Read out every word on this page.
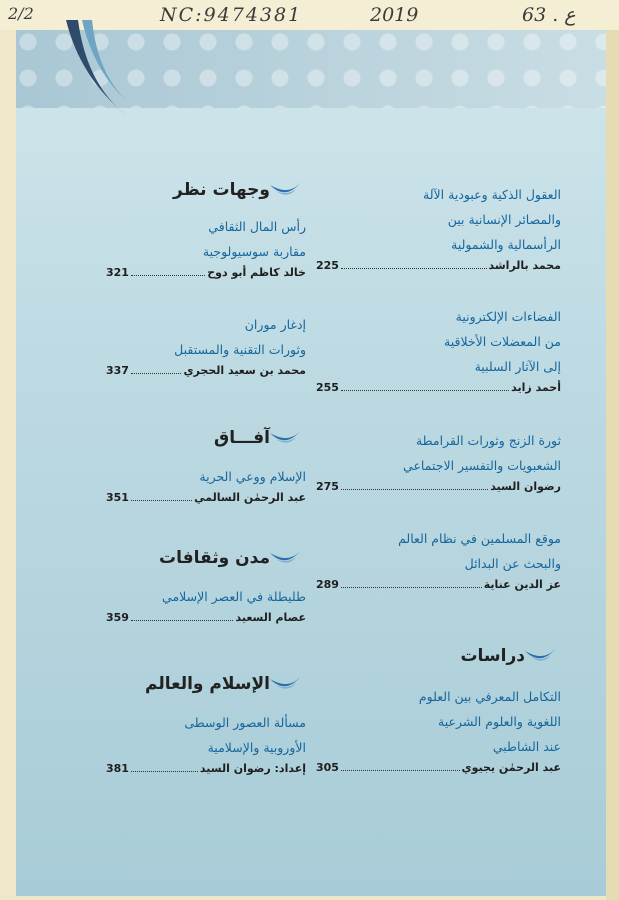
2/2	NC:9474381	2019	63 . ع
العقول الذكية وعبودية الآلة
والمصائر الإنسانية بين
الرأسمالية والشمولية
محمد بالراشد
225
الفضاءات الإلكترونية
من المعضلات الأخلاقية
إلى الآثار السلبية
أحمد زايد
255
ثورة الزنج وثورات القرامطة
الشعبويات والتفسير الاجتماعي
رضوان السيد
275
موقع المسلمين في نظام العالم
والبحث عن البدائل
عز الدين عناية
289
دراسات
التكامل المعرفي بين العلوم
اللغوية والعلوم الشرعية
عند الشاطبي
عبد الرحمٰن يجيوي
305
وجهات نظر
رأس المال الثقافي
مقاربة سوسيولوجية
خالد كاظم أبو دوح
321
إدغار موران
وثورات التقنية والمستقبل
محمد بن سعيد الحجري
337
آفـــاق
الإسلام ووعي الحرية
عبد الرحمٰن السالمي
351
مدن وثقافات
طليطلة في العصر الإسلامي
عصام السعيد
359
الإسلام والعالم
مسألة العصور الوسطى
الأوروبية والإسلامية
إعداد: رضوان السيد
381
